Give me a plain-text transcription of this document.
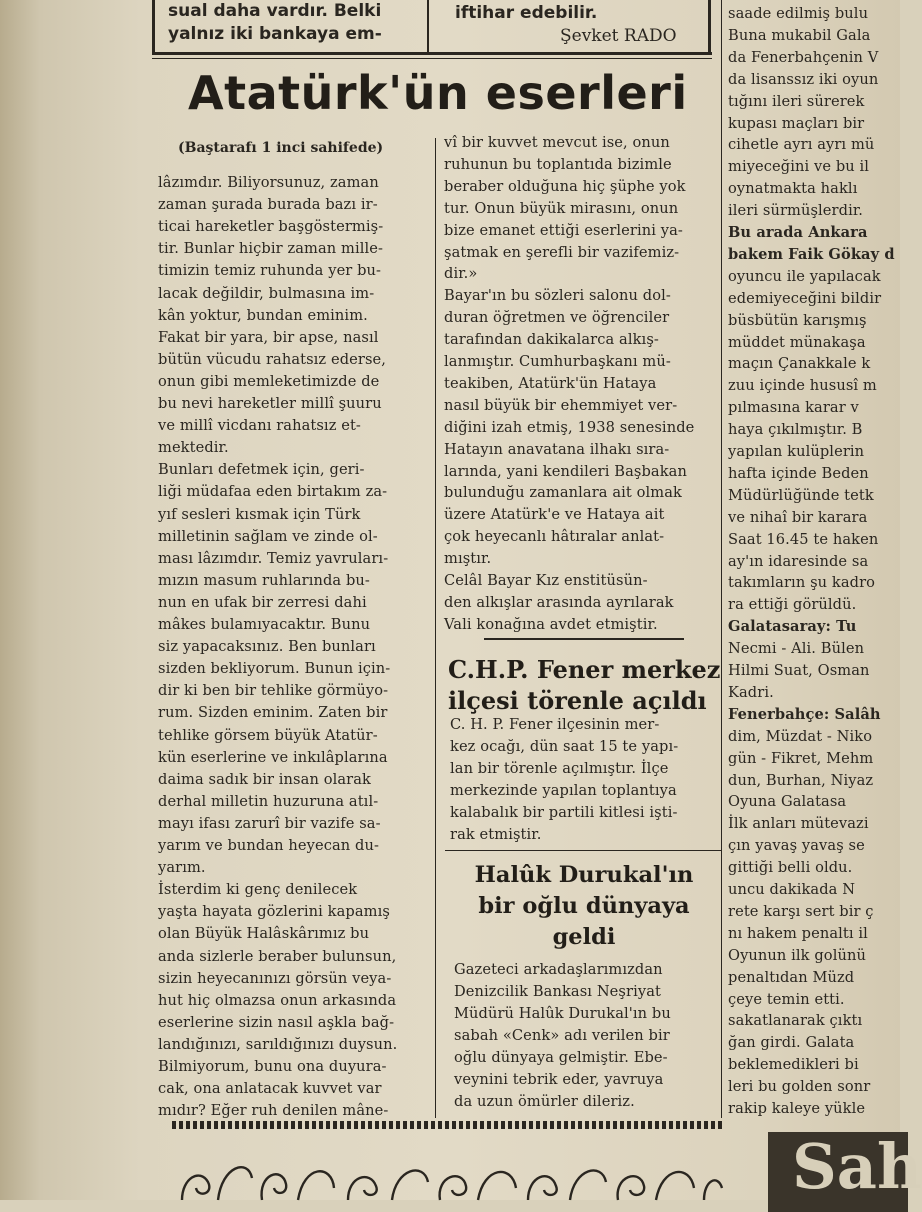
sual daha vardır. Belki
yalnız iki bankaya em-
iftihar edebilir.
Şevket RADO
Atatürk'ün eserleri
(Baştarafı 1 inci sahifede)
lâzımdır. Biliyorsunuz, zaman
zaman şurada burada bazı ir-
ticai hareketler başgöstermiş-
tir. Bunlar hiçbir zaman mille-
timizin temiz ruhunda yer bu-
lacak değildir, bulmasına im-
kân yoktur, bundan eminim.
Fakat bir yara, bir apse, nasıl
bütün vücudu rahatsız ederse,
onun gibi memleketimizde de
bu nevi hareketler millî şuuru
ve millî vicdanı rahatsız et-
mektedir.
Bunları defetmek için, geri-
liği müdafaa eden birtakım za-
yıf sesleri kısmak için Türk
milletinin sağlam ve zinde ol-
ması lâzımdır. Temiz yavruları-
mızın masum ruhlarında bu-
nun en ufak bir zerresi dahi
mâkes bulamıyacaktır. Bunu
siz yapacaksınız. Ben bunları
sizden bekliyorum. Bunun için-
dir ki ben bir tehlike görmüyo-
rum. Sizden eminim. Zaten bir
tehlike görsem büyük Atatür-
kün eserlerine ve inkılâplarına
daima sadık bir insan olarak
derhal milletin huzuruna atıl-
mayı ifası zarurî bir vazife sa-
yarım ve bundan heyecan du-
yarım.
İsterdim ki genç denilecek
yaşta hayata gözlerini kapamış
olan Büyük Halâskârımız bu
anda sizlerle beraber bulunsun,
sizin heyecanınızı görsün veya-
hut hiç olmazsa onun arkasında
eserlerine sizin nasıl aşkla bağ-
landığınızı, sarıldığınızı duysun.
Bilmiyorum, bunu ona duyura-
cak, ona anlatacak kuvvet var
mıdır? Eğer ruh denilen mâne-
vî bir kuvvet mevcut ise, onun
ruhunun bu toplantıda bizimle
beraber olduğuna hiç şüphe yok
tur. Onun büyük mirasını, onun
bize emanet ettiği eserlerini ya-
şatmak en şerefli bir vazifemiz-
dir.»
Bayar'ın bu sözleri salonu dol-
duran öğretmen ve öğrenciler
tarafından dakikalarca alkış-
lanmıştır. Cumhurbaşkanı mü-
teakiben, Atatürk'ün Hataya
nasıl büyük bir ehemmiyet ver-
diğini izah etmiş, 1938 senesinde
Hatayın anavatana ilhakı sıra-
larında, yani kendileri Başbakan
bulunduğu zamanlara ait olmak
üzere Atatürk'e ve Hataya ait
çok heyecanlı hâtıralar anlat-
mıştır.
Celâl Bayar Kız enstitüsün-
den alkışlar arasında ayrılarak
Vali konağına avdet etmiştir.
C.H.P. Fener merkez
ilçesi törenle açıldı
C. H. P. Fener ilçesinin mer-
kez ocağı, dün saat 15 te yapı-
lan bir törenle açılmıştır. İlçe
merkezinde yapılan toplantıya
kalabalık bir partili kitlesi işti-
rak etmiştir.
Halûk Durukal'ın
bir oğlu dünyaya
geldi
Gazeteci arkadaşlarımızdan
Denizcilik Bankası Neşriyat
Müdürü Halûk Durukal'ın bu
sabah «Cenk» adı verilen bir
oğlu dünyaya gelmiştir. Ebe-
veynini tebrik eder, yavruya
da uzun ömürler dileriz.
saade edilmiş bulu
Buna mukabil Gala
da Fenerbahçenin V
da lisanssız iki oyun
tığını ileri sürerek
kupası maçları bir
cihetle ayrı ayrı mü
miyeceğini ve bu il
oynatmakta haklı
ileri sürmüşlerdir.
Bu arada Ankara
bakem Faik Gökay d
oyuncu ile yapılacak
edemiyeceğini bildir
büsbütün karışmış
müddet münakaşa
maçın Çanakkale k
zuu içinde hususî m
pılmasına karar v
haya çıkılmıştır. B
yapılan kulüplerin
hafta içinde Beden
Müdürlüğünde tetk
ve nihaî bir karara
Saat 16.45 te haken
ay'ın idaresinde sa
takımların şu kadro
ra ettiği görüldü.
Galatasaray: Tu
Necmi - Ali. Bülen
Hilmi Suat, Osman
Kadri.
Fenerbahçe: Salâh
dim, Müzdat - Niko
gün - Fikret, Mehm
dun, Burhan, Niyaz
Oyuna Galatasa
İlk anları mütevazi
çın yavaş yavaş se
gittiği belli oldu.
uncu dakikada N
rete karşı sert bir ç
nı hakem penaltı il
Oyunun ilk golünü
penaltıdan Müzd
çeye temin etti.
sakatlanarak çıktı
ğan girdi. Galata
beklemedikleri bi
leri bu golden sonr
rakip kaleye yükle
Sah
